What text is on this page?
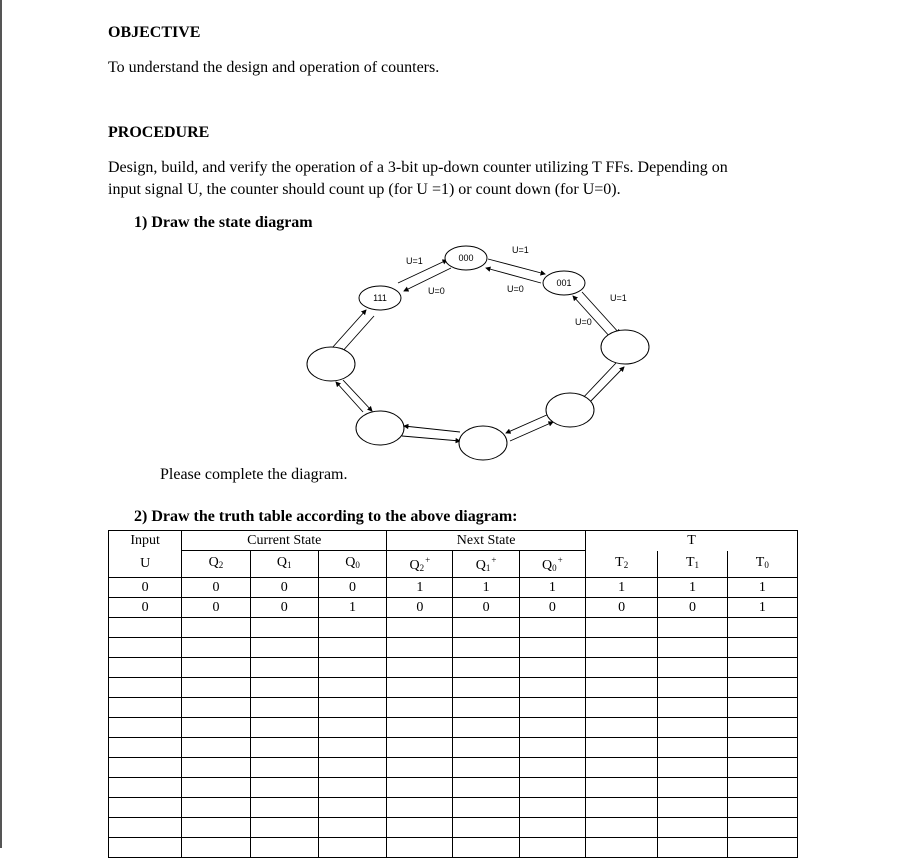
OBJECTIVE
To understand the design and operation of counters.
PROCEDURE
Design, build, and verify the operation of a 3-bit up-down counter utilizing T FFs. Depending on
input signal U, the counter should count up (for U =1) or count down (for U=0).
1) Draw the state diagram
000
001
111
U=1
U=0
U=1
U=0
U=1
U=0
Please complete the diagram.
2) Draw the truth table according to the above diagram:
Input	Current State			Next State			T		
U	$Q_2$	$Q_1$	$Q_0$	$Q_2^+$	$Q_1^+$	$Q_0^+$	$T_2$	$T_1$	$T_0$
0	0	0	0	1	1	1	1	1	1
0	0	0	1	0	0	0	0	0	1
